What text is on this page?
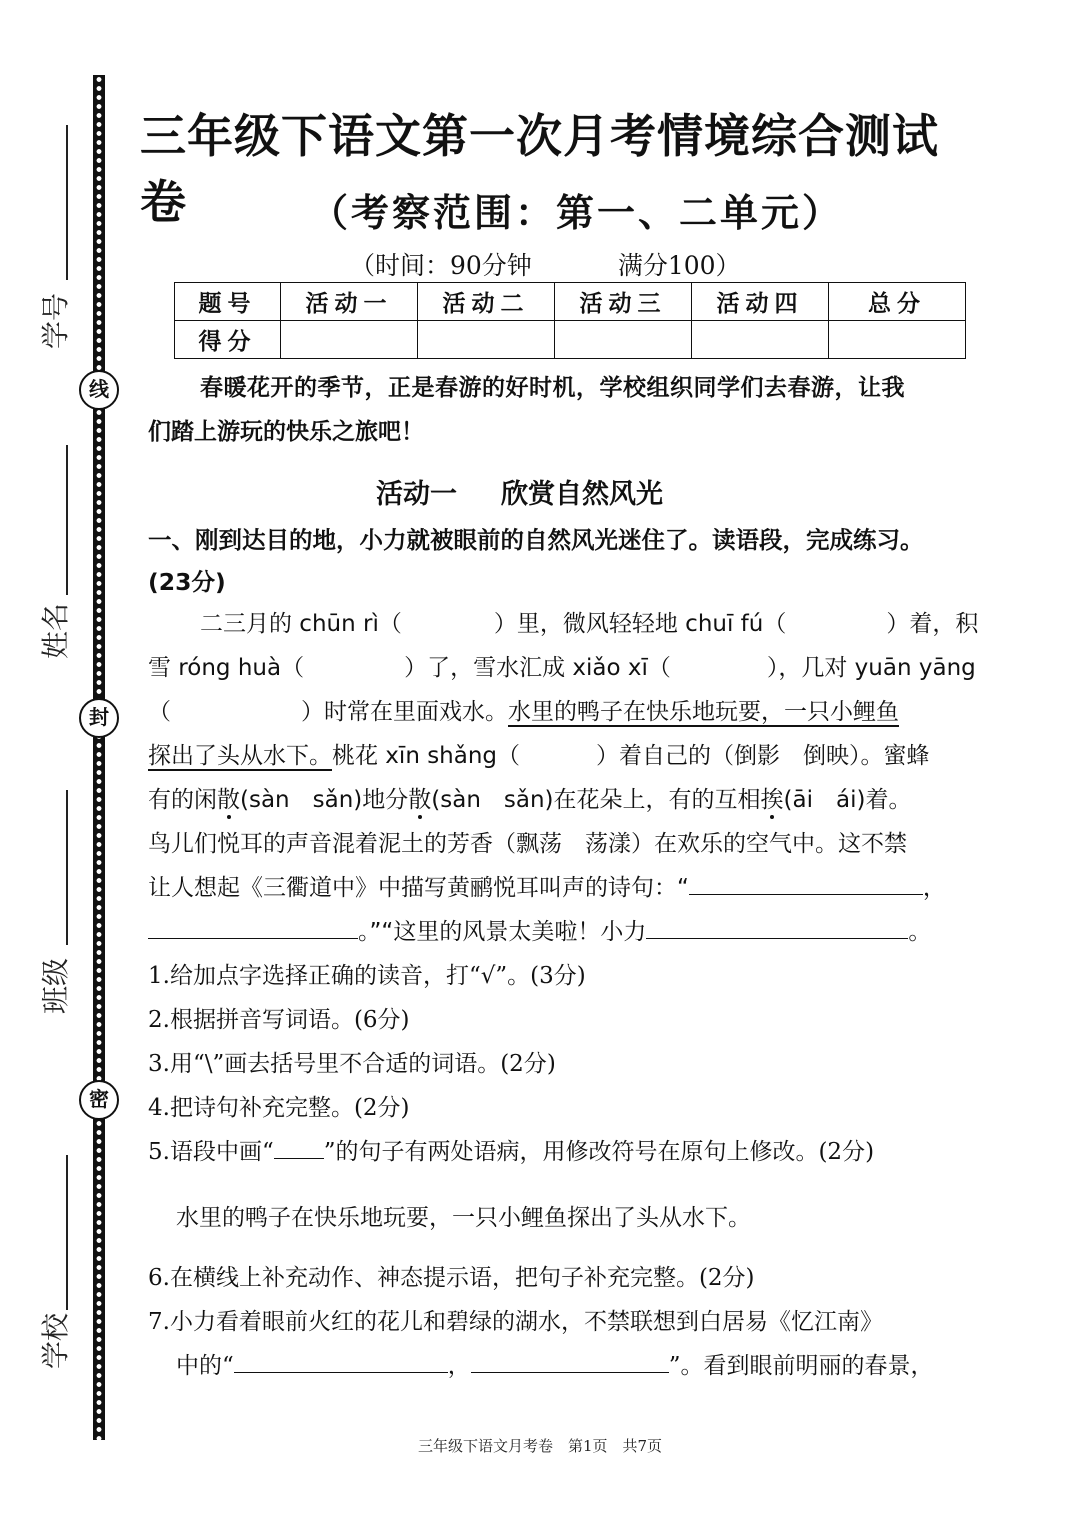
线
封
密
学号
姓名
班级
学校
三年级下语文第一次月考情境综合测试卷	（考察范围：第一、二单元）
（时间：90分钟	满分100）
题号	活动一	活动二	活动三	活动四	总分
得分					
春暖花开的季节，正是春游的好时机，学校组织同学们去春游，让我
们踏上游玩的快乐之旅吧！
活动一 欣赏自然风光
一、刚到达目的地，小力就被眼前的自然风光迷住了。读语段，完成练习。
(23分)
二三月的 chūn rì（	）里，微风轻轻地 chuī fú（	）着，积
雪 róng huà（	）了，雪水汇成 xiǎo xī（	），几对 yuān yāng
（	）时常在里面戏水。水里的鸭子在快乐地玩要，一只小鲤鱼
探出了头从水下。桃花 xīn shǎng（	）着自己的（倒影　倒映）。蜜蜂
有的闲散(sàn　sǎn)地分散(sàn　sǎn)在花朵上，有的互相挨(āi　ái)着。
鸟儿们悦耳的声音混着泥土的芳香（飘荡　荡漾）在欢乐的空气中。这不禁
让人想起《三衢道中》中描写黄鹂悦耳叫声的诗句：“	，
。”“这里的风景太美啦！小力	。
1.给加点字选择正确的读音，打“√”。(3分)
2.根据拼音写词语。(6分)
3.用“\”画去括号里不合适的词语。(2分)
4.把诗句补充完整。(2分)
5.语段中画“ ”的句子有两处语病，用修改符号在原句上修改。(2分)
水里的鸭子在快乐地玩要，一只小鲤鱼探出了头从水下。
6.在横线上补充动作、神态提示语，把句子补充完整。(2分)
7.小力看着眼前火红的花儿和碧绿的湖水，不禁联想到白居易《忆江南》
中的“	，	”。看到眼前明丽的春景，
三年级下语文月考卷　第1页　共7页
